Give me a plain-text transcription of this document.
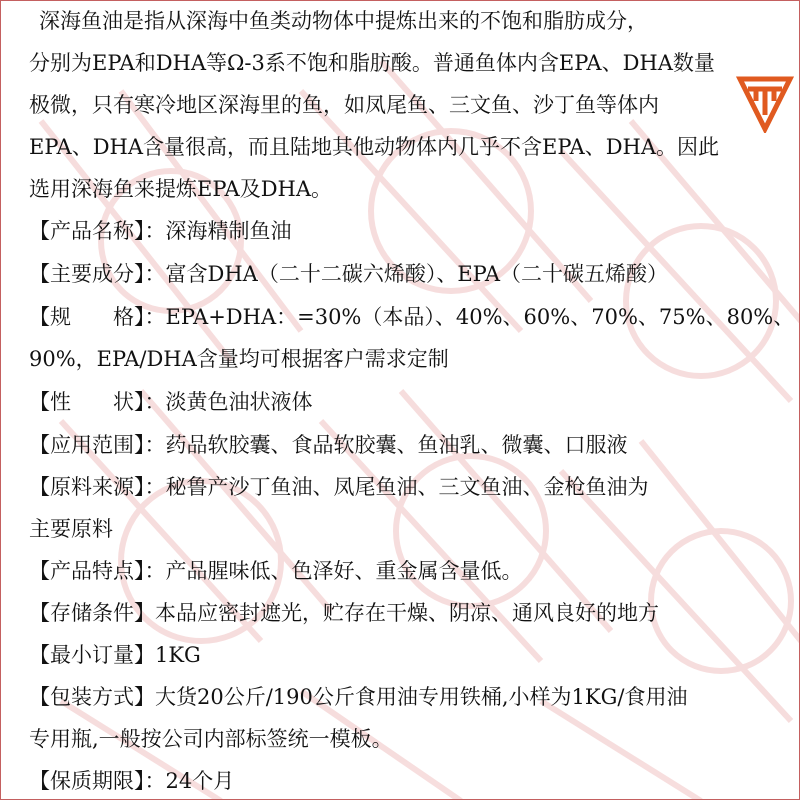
深海鱼油是指从深海中鱼类动物体中提炼出来的不饱和脂肪成分，
分别为EPA和DHA等Ω-3系不饱和脂肪酸。普通鱼体内含EPA、DHA数量
极微，只有寒冷地区深海里的鱼，如凤尾鱼、三文鱼、沙丁鱼等体内
EPA、DHA含量很高，而且陆地其他动物体内几乎不含EPA、DHA。因此
选用深海鱼来提炼EPA及DHA。
【产品名称】：深海精制鱼油
【主要成分】：富含DHA（二十二碳六烯酸）、EPA（二十碳五烯酸）
【规　　格】：EPA+DHA：=30%（本品）、40%、60%、70%、75%、80%、
90%，EPA/DHA含量均可根据客户需求定制
【性　　状】：淡黄色油状液体
【应用范围】：药品软胶囊、食品软胶囊、鱼油乳、微囊、口服液
【原料来源】：秘鲁产沙丁鱼油、凤尾鱼油、三文鱼油、金枪鱼油为
主要原料
【产品特点】：产品腥味低、色泽好、重金属含量低。
【存储条件】本品应密封遮光，贮存在干燥、阴凉、通风良好的地方
【最小订量】1KG
【包装方式】大货20公斤/190公斤食用油专用铁桶,小样为1KG/食用油
专用瓶,一般按公司内部标签统一模板。
【保质期限】：24个月
